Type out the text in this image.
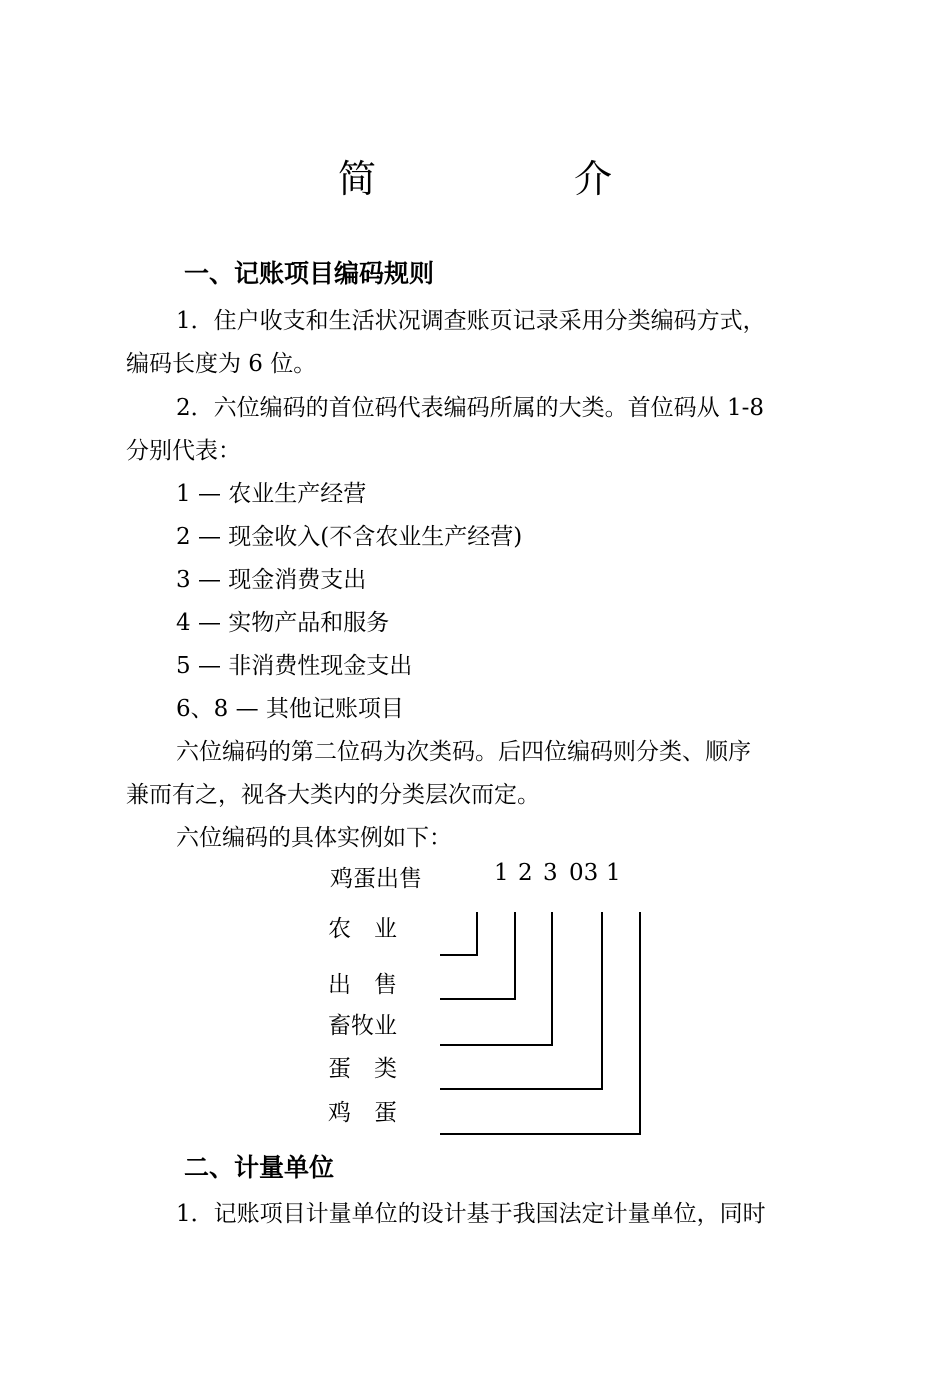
简　介
一、记账项目编码规则
1．住户收支和生活状况调查账页记录采用分类编码方式，
编码长度为 6 位。
2．六位编码的首位码代表编码所属的大类。首位码从 1-8
分别代表：
1 — 农业生产经营
2 — 现金收入(不含农业生产经营)
3 — 现金消费支出
4 — 实物产品和服务
5 — 非消费性现金支出
6、8 — 其他记账项目
六位编码的第二位码为次类码。后四位编码则分类、顺序
兼而有之，视各大类内的分类层次而定。
六位编码的具体实例如下：
鸡蛋出售	1 2 3 03 1
农　业
出　售
畜牧业
蛋　类
鸡　蛋
二、计量单位
1．记账项目计量单位的设计基于我国法定计量单位，同时
